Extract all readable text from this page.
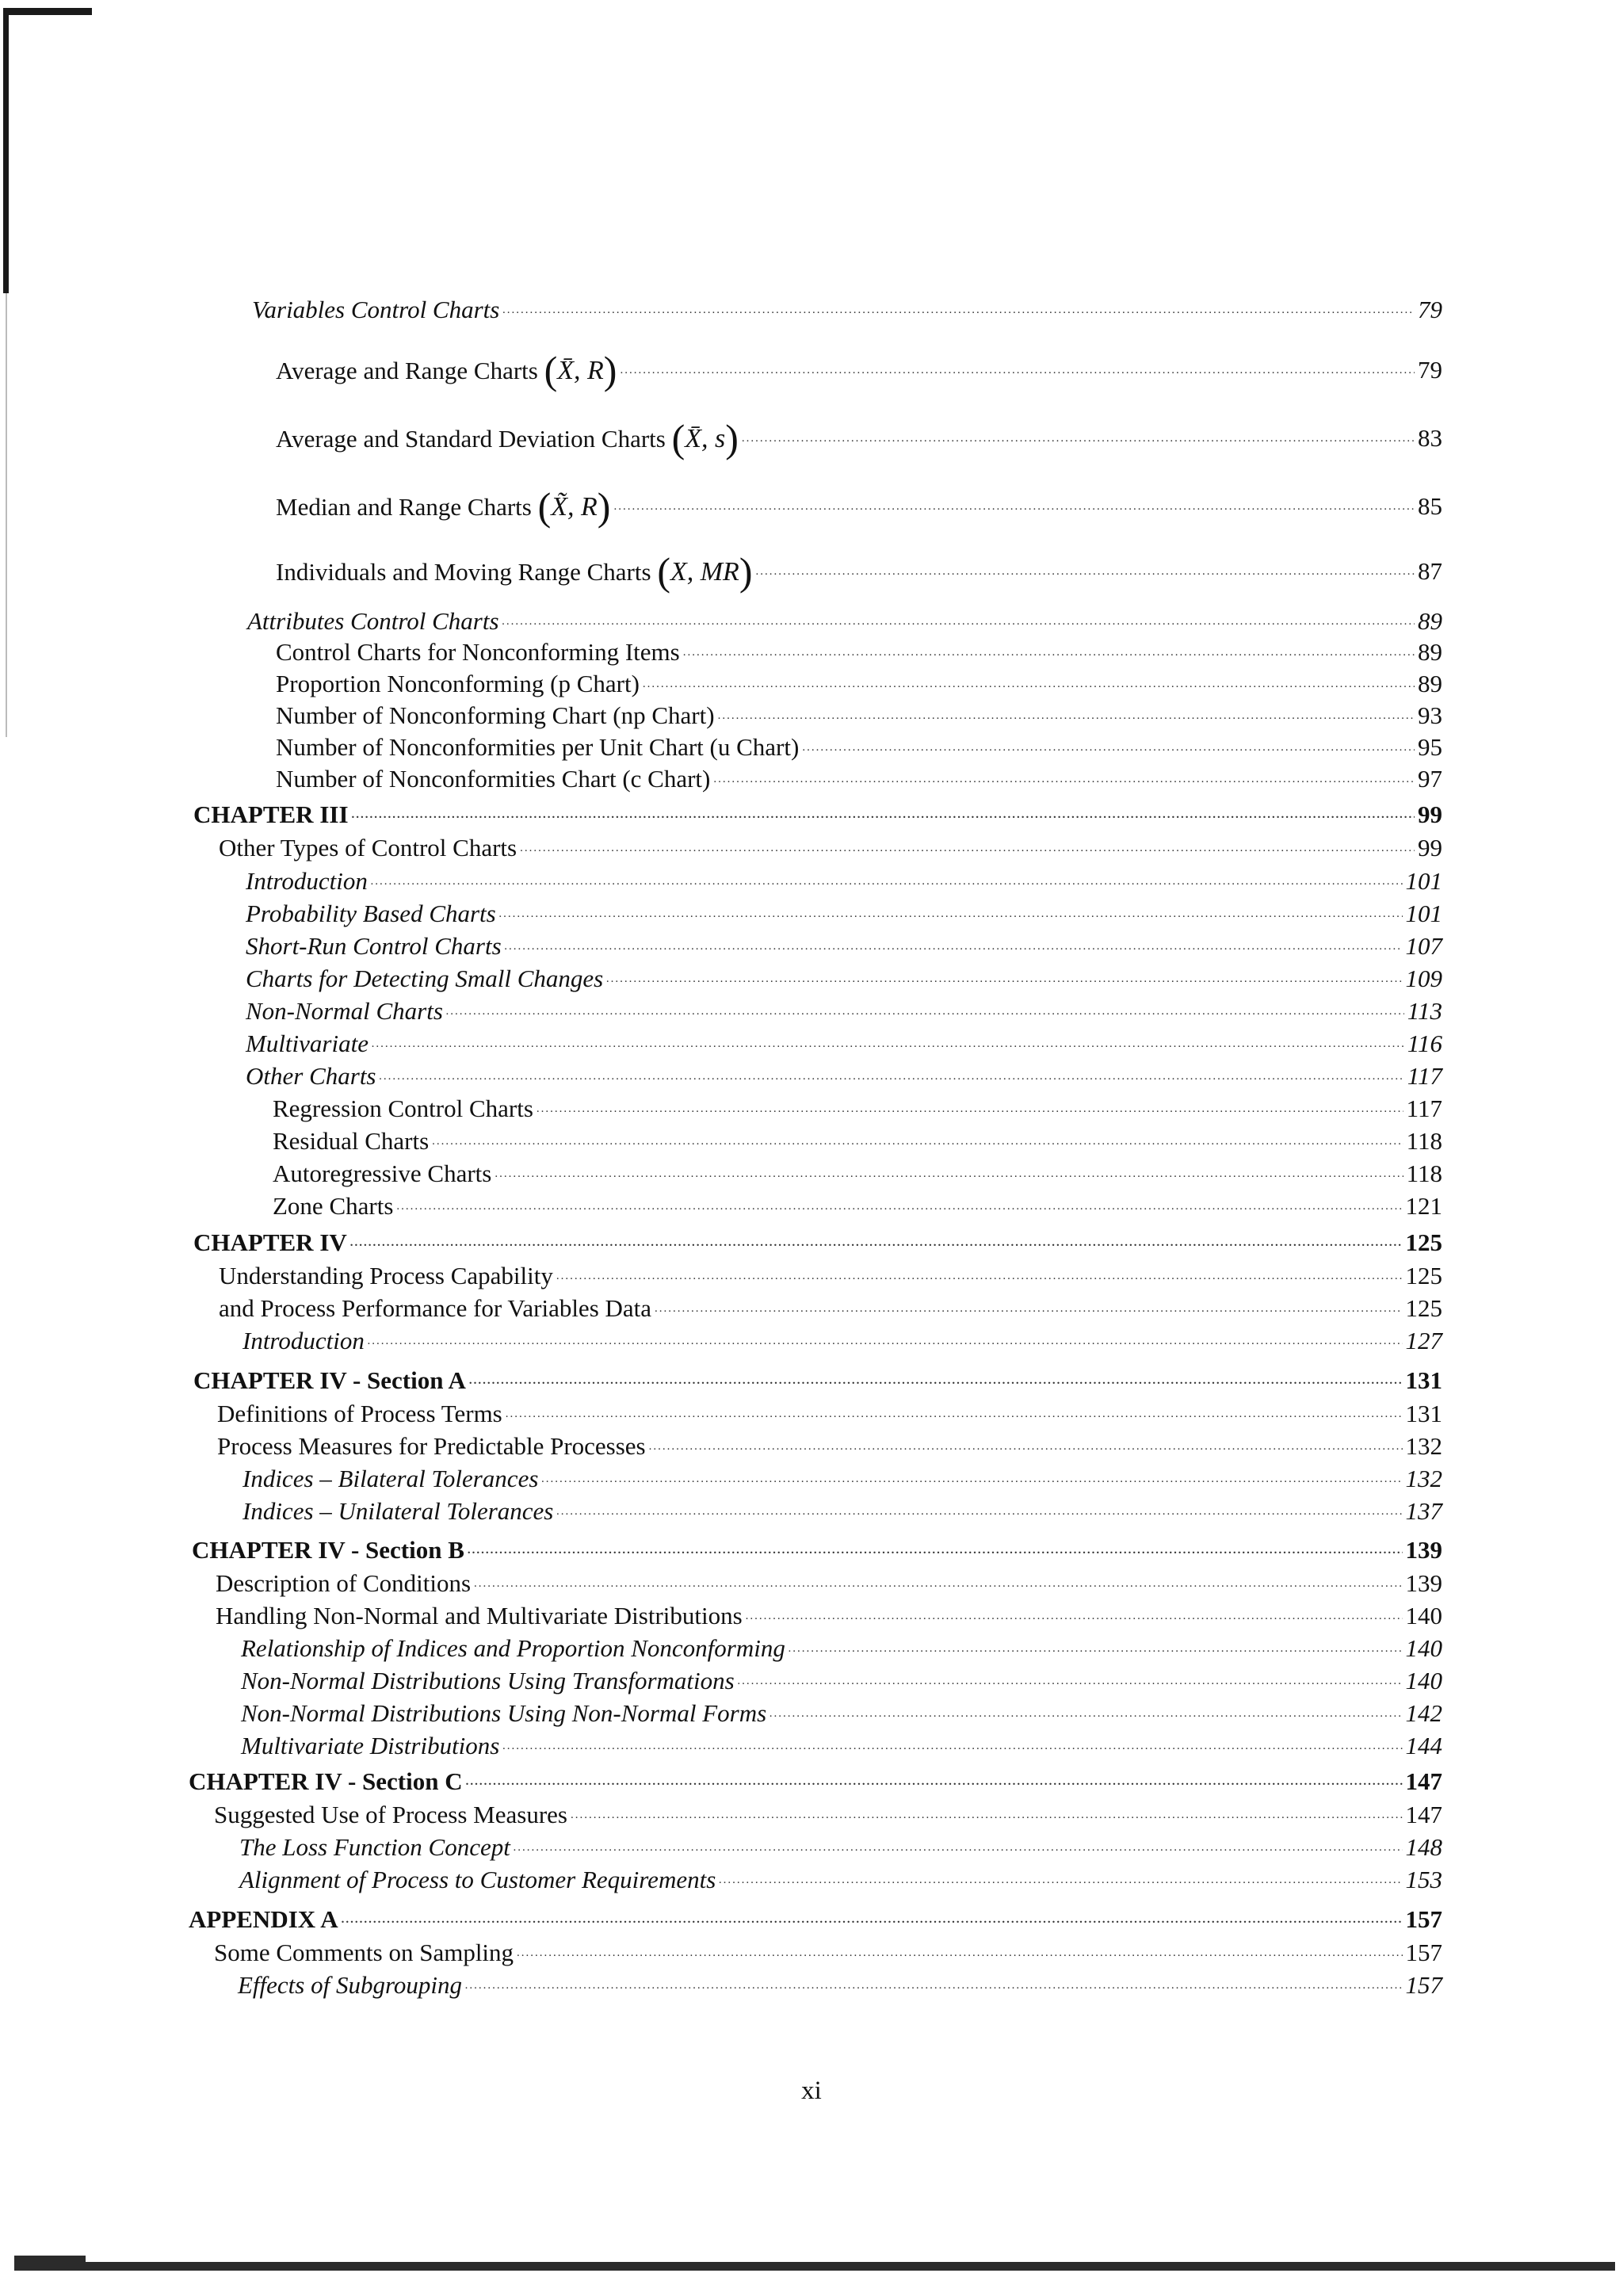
Variables Control Charts .....	79
Average and Range Charts (X̄, R) .....	79
Average and Standard Deviation Charts (X̄, s) .....	83
Median and Range Charts (X̃, R) .....	85
Individuals and Moving Range Charts (X, MR) .....	87
Attributes Control Charts .....	89
Control Charts for Nonconforming Items .....	89
Proportion Nonconforming (p Chart) .....	89
Number of Nonconforming Chart (np Chart) .....	93
Number of Nonconformities per Unit Chart (u Chart) .....	95
Number of Nonconformities Chart (c Chart) .....	97
CHAPTER III .....	99
Other Types of Control Charts .....	99
Introduction .....	101
Probability Based Charts .....	101
Short-Run Control Charts .....	107
Charts for Detecting Small Changes .....	109
Non-Normal Charts .....	113
Multivariate .....	116
Other Charts .....	117
Regression Control Charts .....	117
Residual Charts .....	118
Autoregressive Charts .....	118
Zone Charts .....	121
CHAPTER IV .....	125
Understanding Process Capability .....	125
and Process Performance for Variables Data .....	125
Introduction .....	127
CHAPTER IV - Section A .....	131
Definitions of Process Terms .....	131
Process Measures for Predictable Processes .....	132
Indices – Bilateral Tolerances .....	132
Indices – Unilateral Tolerances .....	137
CHAPTER IV - Section B .....	139
Description of Conditions .....	139
Handling Non-Normal and Multivariate Distributions .....	140
Relationship of Indices and Proportion Nonconforming .....	140
Non-Normal Distributions Using Transformations .....	140
Non-Normal Distributions Using Non-Normal Forms .....	142
Multivariate Distributions .....	144
CHAPTER IV - Section C .....	147
Suggested Use of Process Measures .....	147
The Loss Function Concept .....	148
Alignment of Process to Customer Requirements .....	153
APPENDIX A .....	157
Some Comments on Sampling .....	157
Effects of Subgrouping .....	157
xi
